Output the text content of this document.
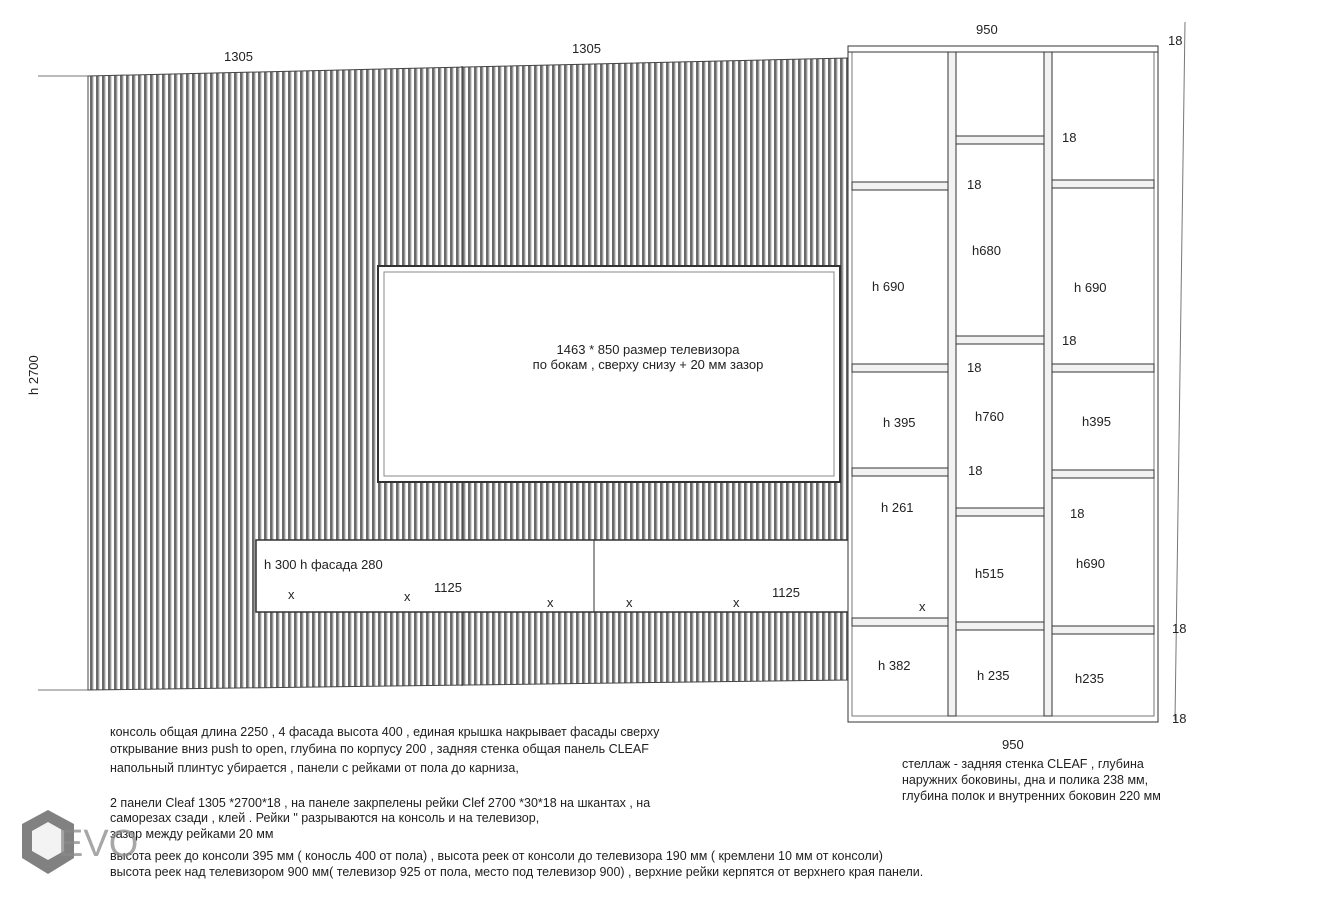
1305
1305
950
950
18
18
18
h 2700
1463 * 850 размер телевизора
по бокам , сверху снизу + 20 мм зазор
h 300 h фасада 280
1125	1125
x	x	x	x	x	x
h 690
h 395
h 261
h 382
h680
h760
h515
h 235
h 690
h395
h690
h235
18
18
18
18
18
18
консоль общая длина 2250 , 4 фасада высота 400 , единая крышка накрывает фасады сверху
открывание вниз push to open, глубина по корпусу 200 , задняя стенка общая панель CLEAF
напольный плинтус убирается , панели с рейками от пола до карниза,
2 панели Cleaf 1305 *2700*18 , на панеле закрпелены рейки Clef 2700 *30*18 на шкантах , на
саморезах сзади , клей . Рейки " разрываются на консоль и на телевизор,
зазор между рейками 20 мм
высота реек до консоли 395 мм ( коносль 400 от пола) , высота реек от консоли до телевизора 190 мм ( кремлени 10 мм от консоли)
высота реек над телевизором 900 мм( телевизор 925 от пола, место под телевизор 900) , верхние рейки керпятся от верхнего края панели.
стеллаж - задняя стенка CLEAF , глубина
наружних боковины, дна и полика 238 мм,
глубина полок и внутренних боковин 220 мм
EVO
